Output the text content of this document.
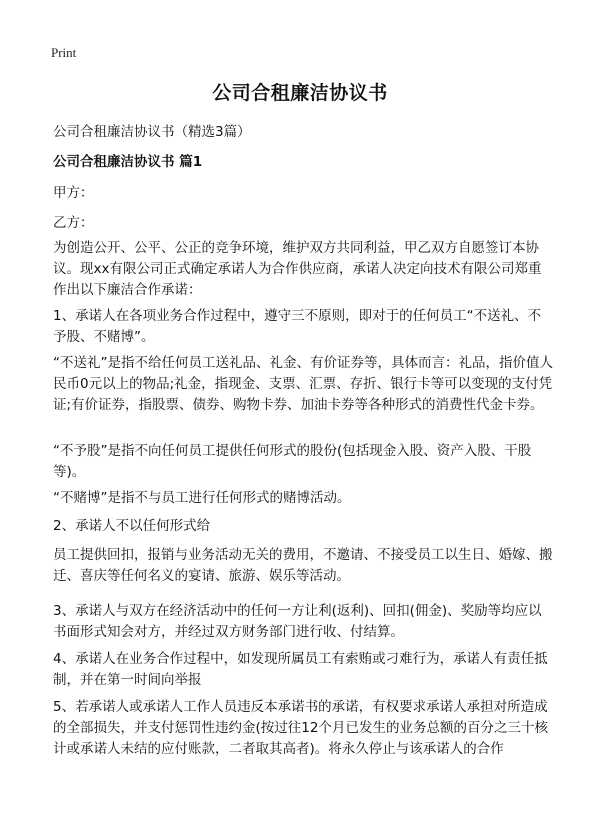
Print
公司合租廉洁协议书
公司合租廉洁协议书（精选3篇）
公司合租廉洁协议书 篇1
甲方：
乙方：

为创造公开、公平、公正的竞争环境，维护双方共同利益，甲乙双方自愿签订本协议。现xx有限公司正式确定承诺人为合作供应商，承诺人决定向技术有限公司郑重作出以下廉洁合作承诺：

1、承诺人在各项业务合作过程中，遵守三不原则，即对于的任何员工“不送礼、不予股、不赌博”。

“不送礼”是指不给任何员工送礼品、礼金、有价证券等，具体而言：礼品，指价值人民币0元以上的物品;礼金，指现金、支票、汇票、存折、银行卡等可以变现的支付凭证;有价证券，指股票、债券、购物卡券、加油卡券等各种形式的消费性代金卡券。

“不予股”是指不向任何员工提供任何形式的股份(包括现金入股、资产入股、干股等)。

“不赌博”是指不与员工进行任何形式的赌博活动。

2、承诺人不以任何形式给

员工提供回扣，报销与业务活动无关的费用，不邀请、不接受员工以生日、婚嫁、搬迁、喜庆等任何名义的宴请、旅游、娱乐等活动。

3、承诺人与双方在经济活动中的任何一方让利(返利)、回扣(佣金)、奖励等均应以书面形式知会对方，并经过双方财务部门进行收、付结算。

4、承诺人在业务合作过程中，如发现所属员工有索贿或刁难行为，承诺人有责任抵制，并在第一时间向举报

5、若承诺人或承诺人工作人员违反本承诺书的承诺，有权要求承诺人承担对所造成的全部损失，并支付惩罚性违约金(按过往12个月已发生的业务总额的百分之三十核计或承诺人未结的应付账款，二者取其高者)。将永久停止与该承诺人的合作
